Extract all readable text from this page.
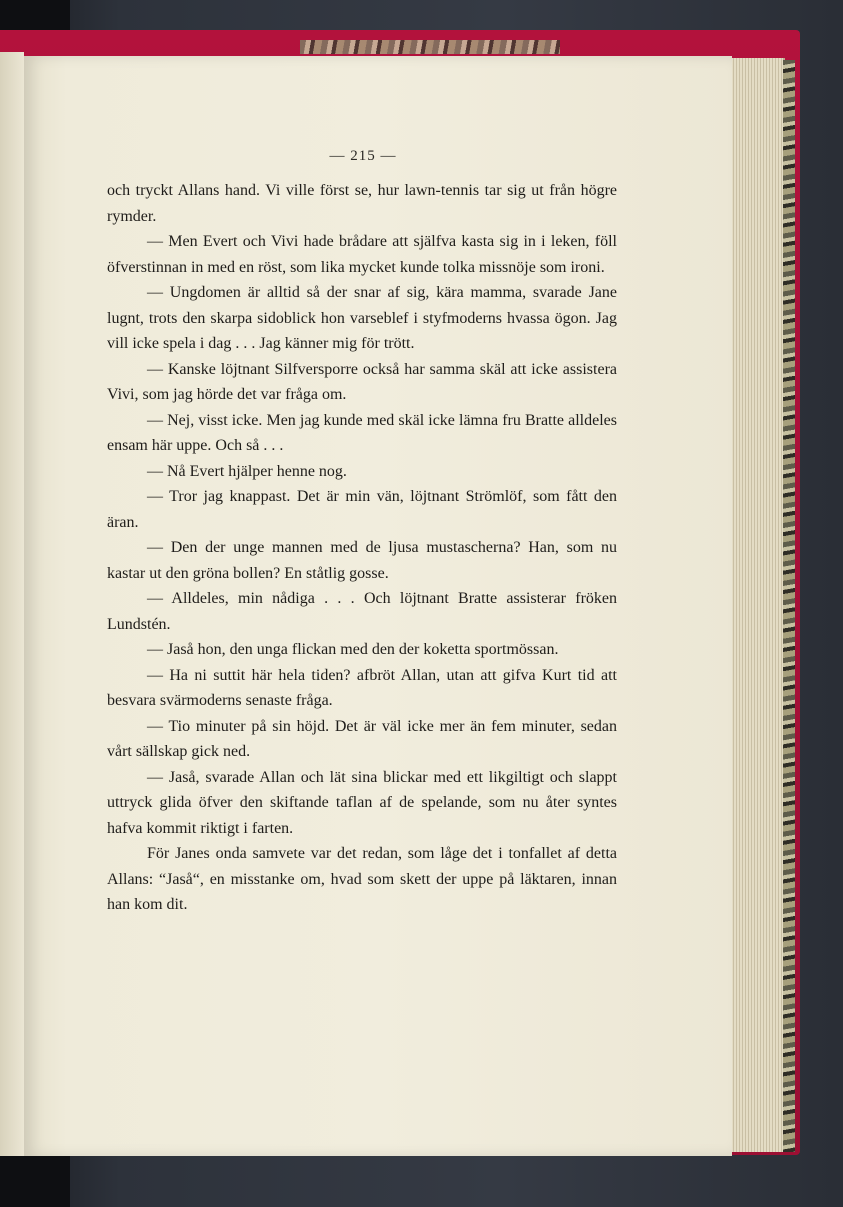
— 215 —

och tryckt Allans hand. Vi ville först se, hur lawn-tennis tar sig ut från högre rymder.

— Men Evert och Vivi hade brådare att själfva kasta sig in i leken, föll öfverstinnan in med en röst, som lika mycket kunde tolka missnöje som ironi.

— Ungdomen är alltid så der snar af sig, kära mamma, svarade Jane lugnt, trots den skarpa sidoblick hon varseblef i styfmoderns hvassa ögon. Jag vill icke spela i dag . . . Jag känner mig för trött.

— Kanske löjtnant Silfversporre också har samma skäl att icke assistera Vivi, som jag hörde det var fråga om.

— Nej, visst icke. Men jag kunde med skäl icke lämna fru Bratte alldeles ensam här uppe. Och så . . .

— Nå Evert hjälper henne nog.

— Tror jag knappast. Det är min vän, löjtnant Strömlöf, som fått den äran.

— Den der unge mannen med de ljusa mustascherna? Han, som nu kastar ut den gröna bollen? En ståtlig gosse.

— Alldeles, min nådiga . . . Och löjtnant Bratte assisterar fröken Lundstén.

— Jaså hon, den unga flickan med den der koketta sportmössan.

— Ha ni suttit här hela tiden? afbröt Allan, utan att gifva Kurt tid att besvara svärmoderns senaste fråga.

— Tio minuter på sin höjd. Det är väl icke mer än fem minuter, sedan vårt sällskap gick ned.

— Jaså, svarade Allan och lät sina blickar med ett likgiltigt och slappt uttryck glida öfver den skiftande taflan af de spelande, som nu åter syntes hafva kommit riktigt i farten.

För Janes onda samvete var det redan, som låge det i tonfallet af detta Allans: “Jaså“, en misstanke om, hvad som skett der uppe på läktaren, innan han kom dit.
